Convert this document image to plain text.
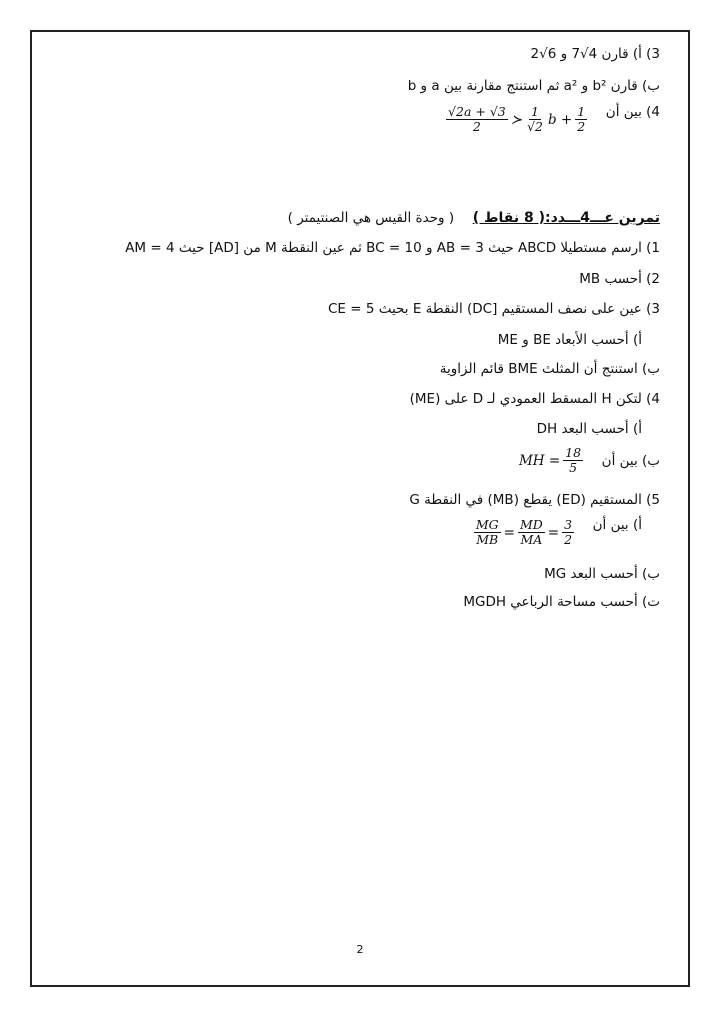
3) أ) قارن 4√7 و 6√2
ب) قارن b² و a² ثم استنتج مقارنة بين a و b
4) بين أن
$\frac{√2a + √3}{2}$ ≻ $\frac{1}{√2}$ $b + \frac{1}{2}$
تمرين عـــ4ـــدد:( 8 نقاط )  ( وحدة القيس هي الصنتيمتر )
1) ارسم مستطيلا ABCD حيث AB = 3 و BC = 10 ثم عين النقطة M من [AD] حيث AM = 4
2) أحسب MB
3) عين على نصف المستقيم [DC) النقطة E بحيث CE = 5
أ) أحسب الأبعاد BE و ME
ب) استنتج أن المثلث BME قائم الزاوية
4) لتكن H المسقط العمودي لـ D على (ME)
أ) أحسب البعد DH
ب) بين أن
MH = $\frac{18}{5}$
5) المستقيم (ED) يقطع (MB) في النقطة G
أ) بين أن
$\frac{MG}{MB} = \frac{MD}{MA} = \frac{3}{2}$
ب) أحسب البعد MG
ت) أحسب مساحة الرباعي MGDH
2
